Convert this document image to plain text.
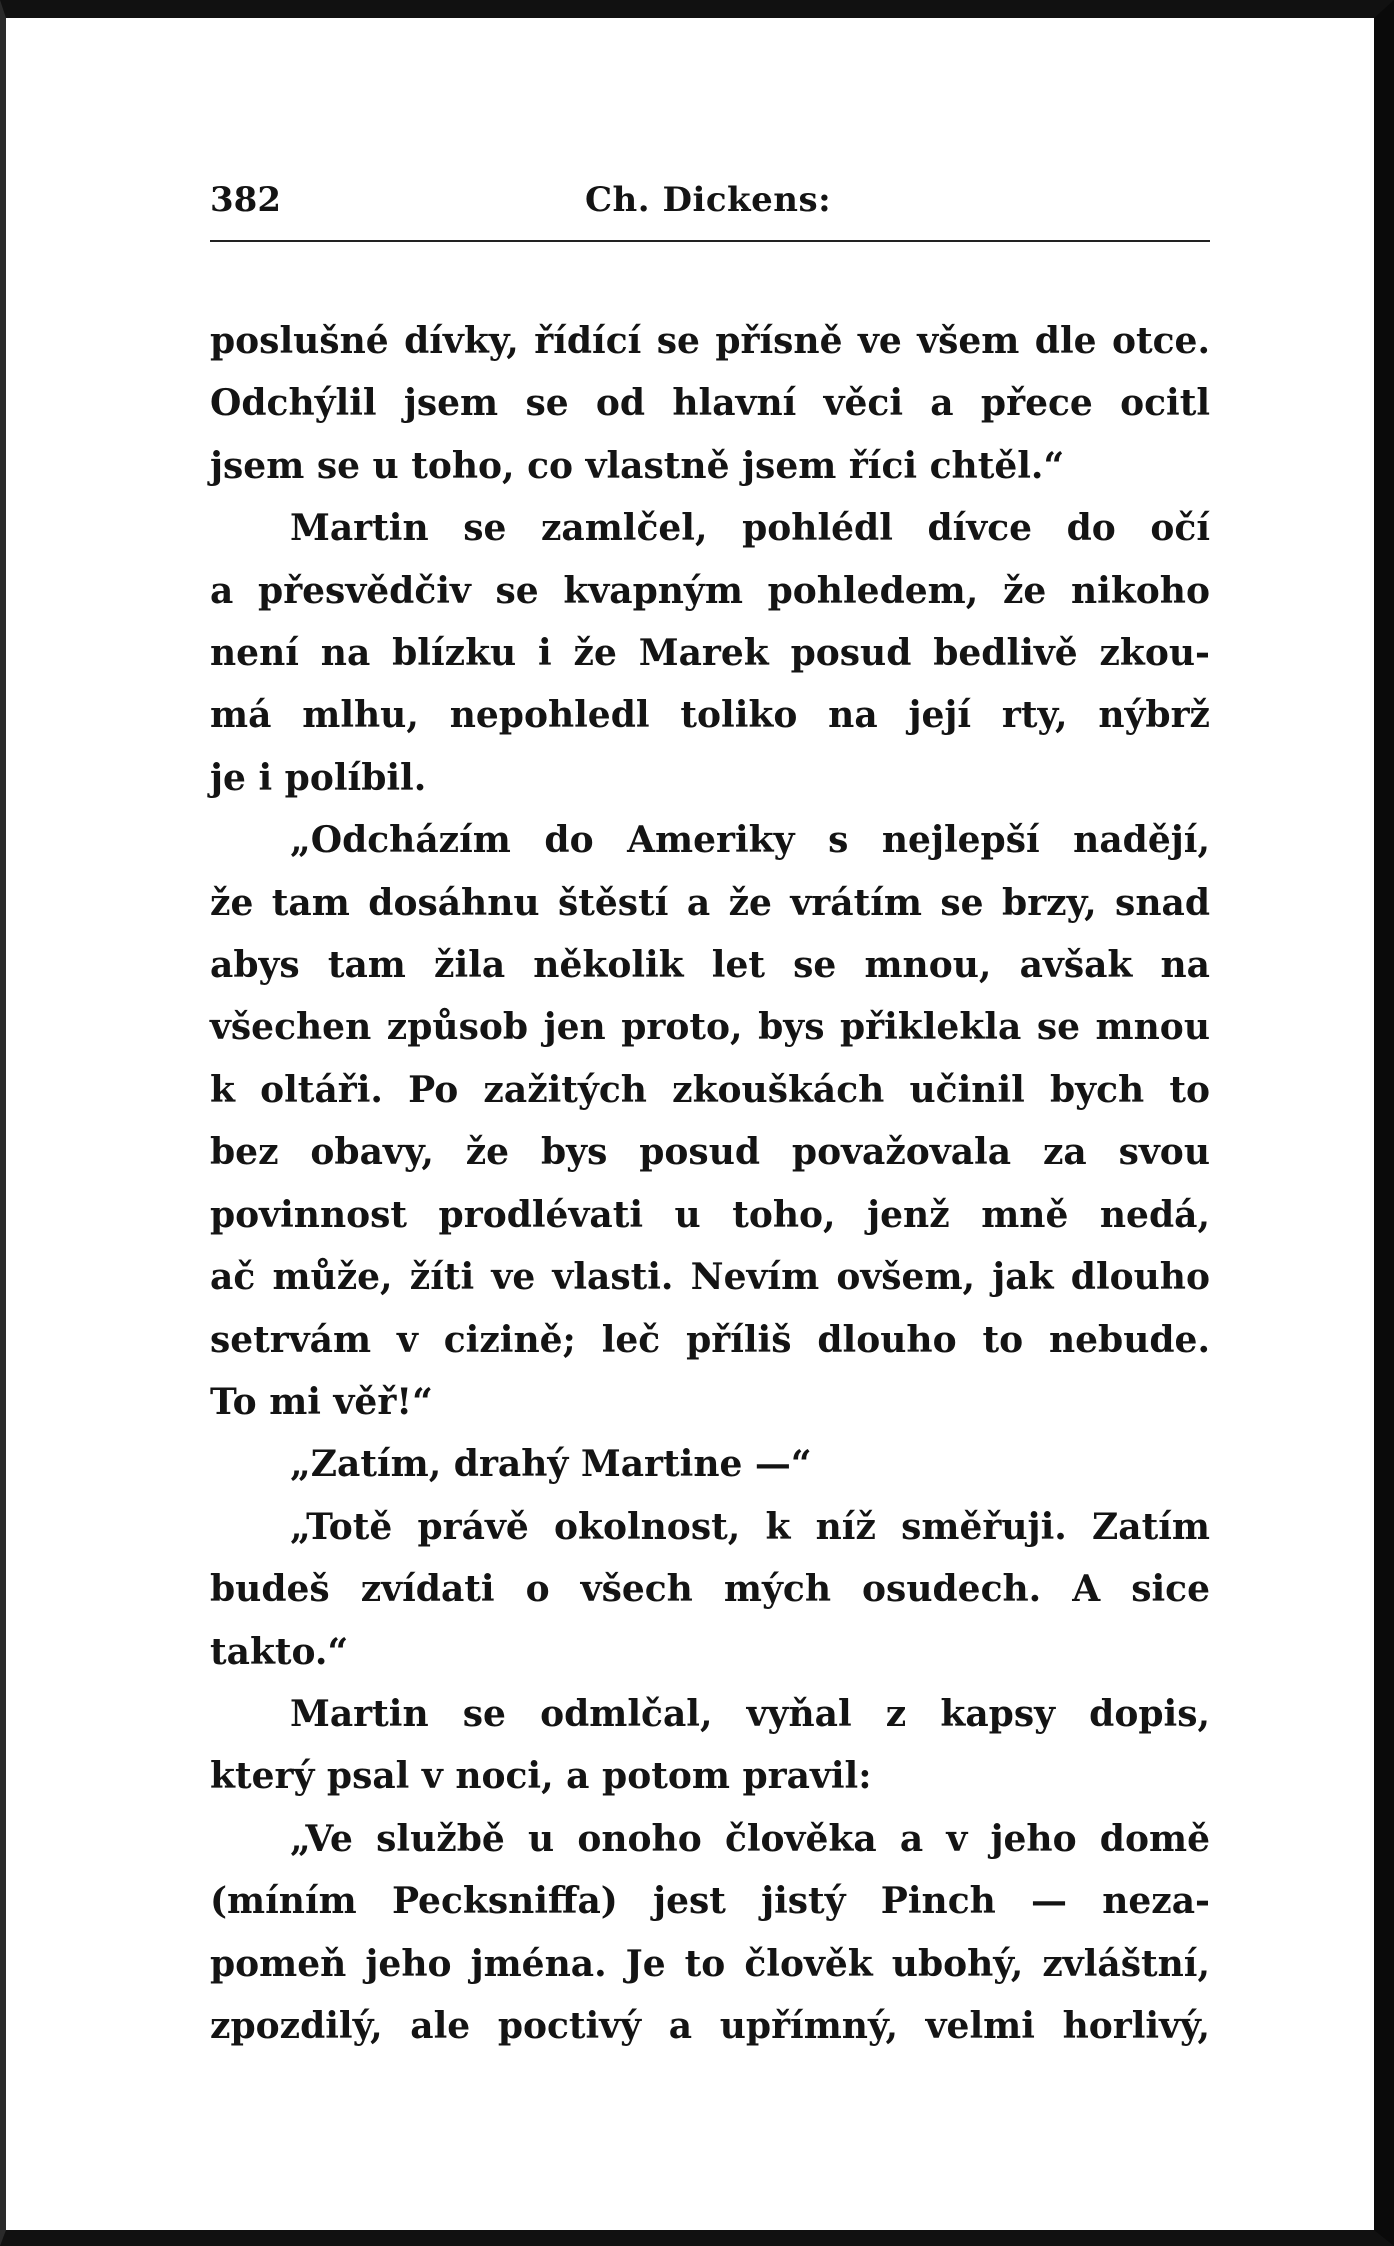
382	Ch. Dickens:
poslušné dívky, řídící se přísně ve všem dle otce.
Odchýlil jsem se od hlavní věci a přece ocitl
jsem se u toho, co vlastně jsem říci chtěl.“
Martin se zamlčel, pohlédl dívce do očí
a přesvědčiv se kvapným pohledem, že nikoho
není na blízku i že Marek posud bedlivě zkou-
má mlhu, nepohledl toliko na její rty, nýbrž
je i políbil.
„Odcházím do Ameriky s nejlepší nadějí,
že tam dosáhnu štěstí a že vrátím se brzy, snad
abys tam žila několik let se mnou, avšak na
všechen způsob jen proto, bys přiklekla se mnou
k oltáři. Po zažitých zkouškách učinil bych to
bez obavy, že bys posud považovala za svou
povinnost prodlévati u toho, jenž mně nedá,
ač může, žíti ve vlasti. Nevím ovšem, jak dlouho
setrvám v cizině; leč příliš dlouho to nebude.
To mi věř!“
„Zatím, drahý Martine —“
„Totě právě okolnost, k níž směřuji. Zatím
budeš zvídati o všech mých osudech. A sice
takto.“
Martin se odmlčal, vyňal z kapsy dopis,
který psal v noci, a potom pravil:
„Ve službě u onoho člověka a v jeho domě
(míním Pecksniffa) jest jistý Pinch — neza-
pomeň jeho jména. Je to člověk ubohý, zvláštní,
zpozdilý, ale poctivý a upřímný, velmi horlivý,
